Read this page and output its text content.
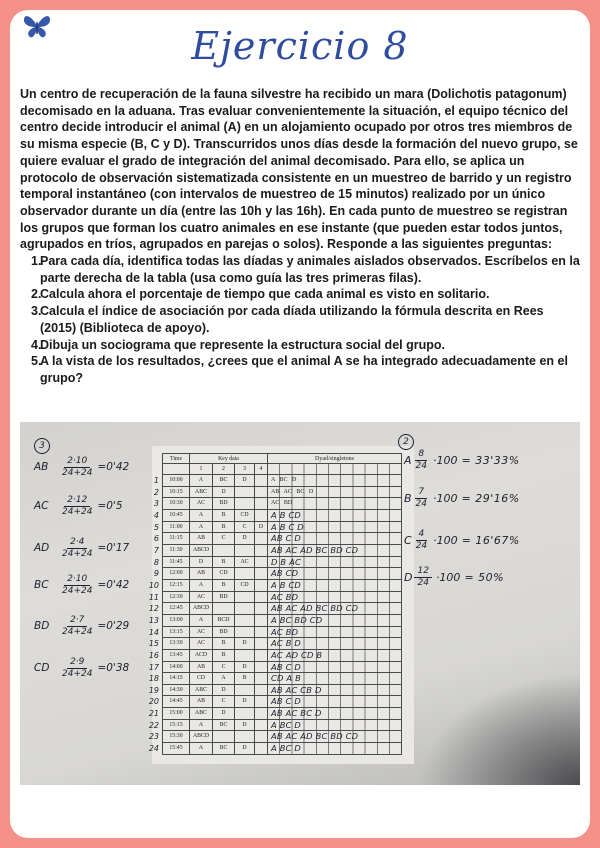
Ejercicio 8

Un centro de recuperación de la fauna silvestre ha recibido un mara (Dolichotis patagonum) decomisado en la aduana. Tras evaluar convenientemente la situación, el equipo técnico del centro decide introducir el animal (A) en un alojamiento ocupado por otros tres miembros de su misma especie (B, C y D). Transcurridos unos días desde la formación del nuevo grupo, se quiere evaluar el grado de integración del animal decomisado. Para ello, se aplica un protocolo de observación sistematizada consistente en un muestreo de barrido y un registro temporal instantáneo (con intervalos de muestreo de 15 minutos) realizado por un único observador durante un día (entre las 10h y las 16h). En cada punto de muestreo se registran los grupos que forman los cuatro animales en ese instante (que pueden estar todos juntos, agrupados en tríos, agrupados en parejas o solos). Responde a las siguientes preguntas:

1.
Para cada día, identifica todas las díadas y animales aislados observados. Escríbelos en la parte derecha de la tabla (usa como guía las tres primeras filas).
2.
Calcula ahora el porcentaje de tiempo que cada animal es visto en solitario.
3.
Calcula el índice de asociación por cada díada utilizando la fórmula descrita en Rees (2015) (Biblioteca de apoyo).
4.
Dibuja un sociograma que represente la estructura social del grupo.
5.
A la vista de los resultados, ¿crees que el animal A se ha integrado adecuadamente en el grupo?
Time	Key data	Dyad/singletons
1	2	3	4
1	10:00	A	BC	D	A BC D
2	10:15	ABC	D	AB AC BC D
3	10:30	AC	BD	AC BD
4	10:45	A	B	CD	A B CD
5	11:00	A	B	C	D A B C D
6	11:15	AB	C	D	AB C D
7	11:30	ABCD	AB AC AD BC BD CD
8	11:45	D	B	AC	D B AC
9	12:00	AB	CD	AB CD
10	12:15	A	B	CD	A B CD
11	12:30	AC	BD	AC BD
12	12:45	ABCD	AB AC AD BC BD CD
13	13:00	A	BCD	A BC BD CD
14	13:15	AC	BD	AC BD
15	13:30	AC	B	D	AC B D
16	13:45	ACD	B	AC AD CD B
17	14:00	AB	C	D	AB C D
18	14:15	CD	A	B	CD A B
19	14:30	ABC	D	AB AC CB D
20	14:45	AB	C	D	AB C D
21	15:00	ABC	D	AB AC BC D
22	15:15	A	BC	D	A BC D
23	15:30	ABCD	AB AC AD BC BD CD
24	15:45	A	BC	D	A BC D
3
AB	$\frac{2\cdot 10}{24+24} =0'42$
AC	$\frac{2\cdot 12}{24+24} =0'5$
AD	$\frac{2\cdot 4}{24+24} =0'17$
BC	$\frac{2\cdot 10}{24+24} =0'42$
BD	$\frac{2\cdot 7}{24+24} =0'29$
CD	$\frac{2\cdot 9}{24+24} =0'38$
2
A $\frac{8}{24} \cdot 100 = 33'33\%$
B $\frac{7}{24} \cdot 100 = 29'16\%$
C $\frac{4}{24} \cdot 100 = 16'67\%$
D $\frac{12}{24} \cdot 100 = 50\%$
